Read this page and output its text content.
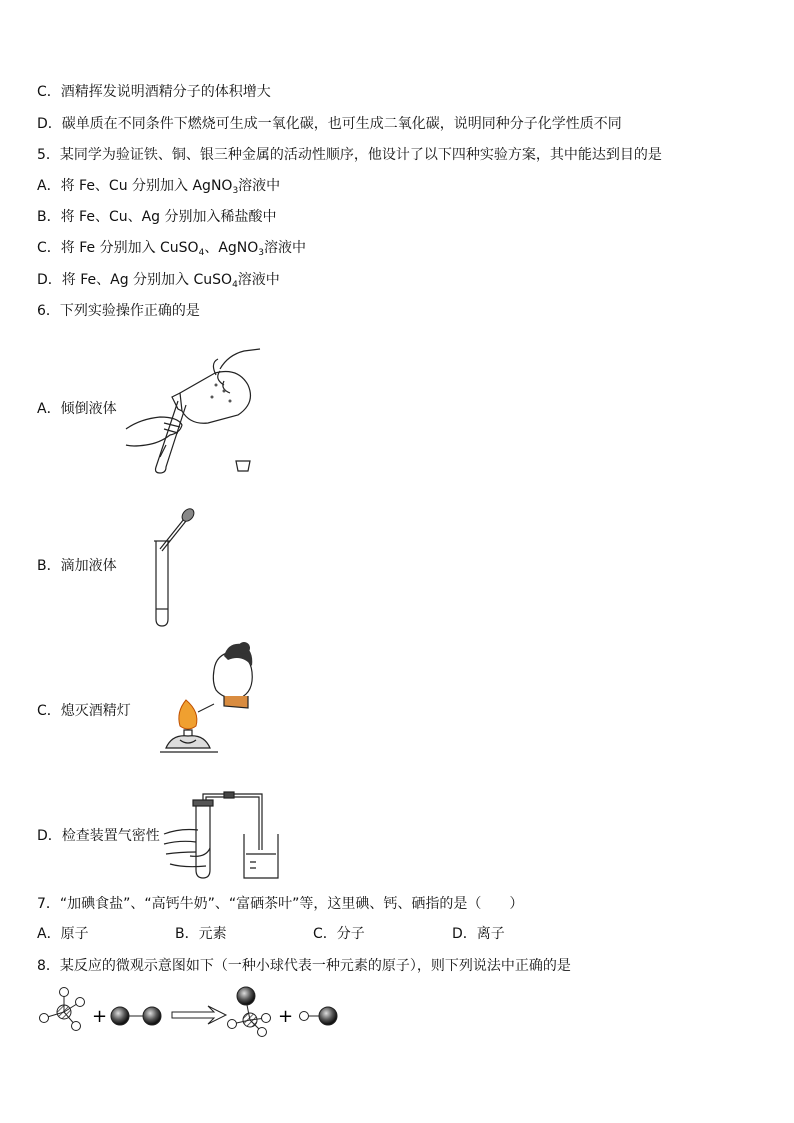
C．酒精挥发说明酒精分子的体积增大
D．碳单质在不同条件下燃烧可生成一氧化碳，也可生成二氧化碳，说明同种分子化学性质不同
5．某同学为验证铁、铜、银三种金属的活动性顺序，他设计了以下四种实验方案，其中能达到目的是
A．将 Fe、Cu 分别加入 AgNO$_3$溶液中
B．将 Fe、Cu、Ag 分别加入稀盐酸中
C．将 Fe 分别加入 CuSO$_4$、AgNO$_3$溶液中
D．将 Fe、Ag 分别加入 CuSO$_4$溶液中
6．下列实验操作正确的是
A．倾倒液体
B．滴加液体
C．熄灭酒精灯
D．检查装置气密性
7．“加碘食盐”、“高钙牛奶”、“富硒茶叶”等，这里碘、钙、硒指的是（　　）
A．原子	B．元素	C．分子	D．离子
8．某反应的微观示意图如下（一种小球代表一种元素的原子），则下列说法中正确的是
+	+
